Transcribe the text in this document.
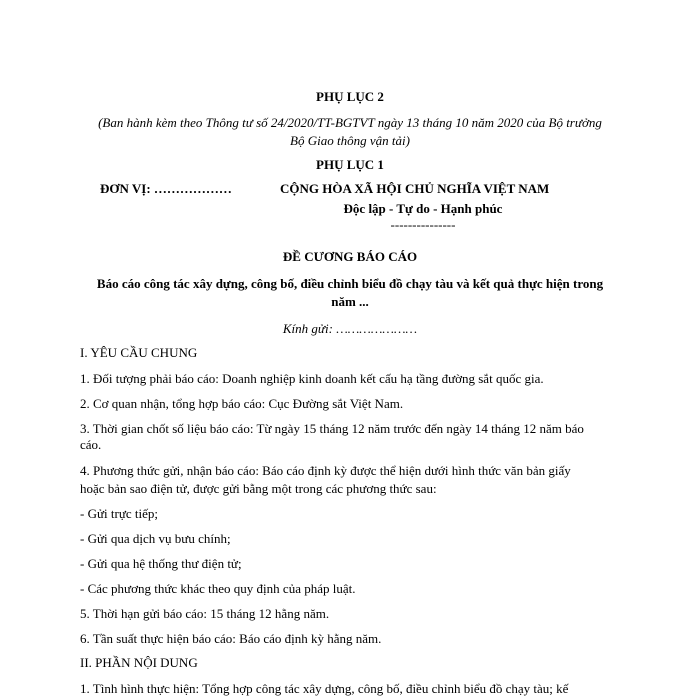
PHỤ LỤC 2
(Ban hành kèm theo Thông tư số 24/2020/TT-BGTVT ngày 13 tháng 10 năm 2020 của Bộ trưởng
Bộ Giao thông vận tải)
PHỤ LỤC 1
ĐƠN VỊ: ………………	CỘNG HÒA XÃ HỘI CHỦ NGHĨA VIỆT NAM
Độc lập - Tự do - Hạnh phúc
---------------
ĐỀ CƯƠNG BÁO CÁO
Báo cáo công tác xây dựng, công bố, điều chỉnh biểu đồ chạy tàu và kết quả thực hiện trong
năm ...
Kính gửi: …………………
I. YÊU CẦU CHUNG
1. Đối tượng phải báo cáo: Doanh nghiệp kinh doanh kết cấu hạ tầng đường sắt quốc gia.
2. Cơ quan nhận, tổng hợp báo cáo: Cục Đường sắt Việt Nam.
3. Thời gian chốt số liệu báo cáo: Từ ngày 15 tháng 12 năm trước đến ngày 14 tháng 12 năm báo
cáo.
4. Phương thức gửi, nhận báo cáo: Báo cáo định kỳ được thể hiện dưới hình thức văn bản giấy
hoặc bản sao điện tử, được gửi bằng một trong các phương thức sau:
- Gửi trực tiếp;
- Gửi qua dịch vụ bưu chính;
- Gửi qua hệ thống thư điện tử;
- Các phương thức khác theo quy định của pháp luật.
5. Thời hạn gửi báo cáo: 15 tháng 12 hằng năm.
6. Tần suất thực hiện báo cáo: Báo cáo định kỳ hằng năm.
II. PHẦN NỘI DUNG
1. Tình hình thực hiện: Tổng hợp công tác xây dựng, công bố, điều chỉnh biểu đồ chạy tàu; kế
